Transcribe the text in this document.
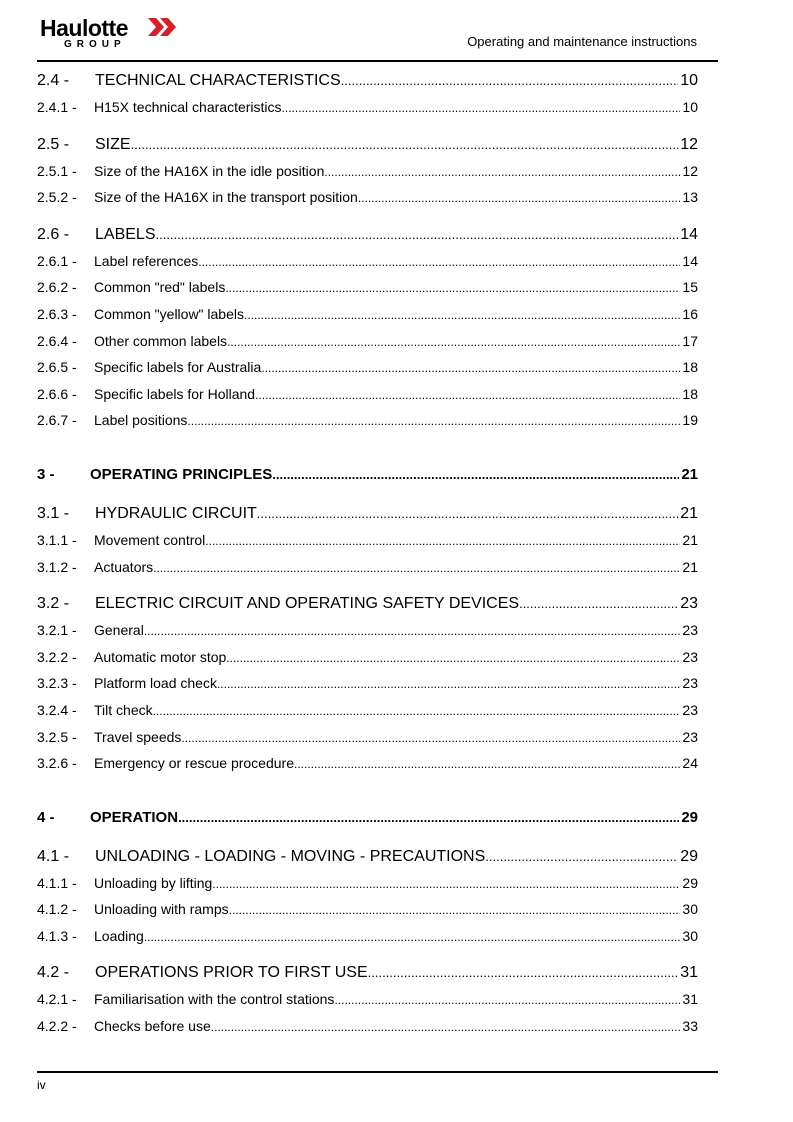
Haulotte
GROUP	Operating and maintenance instructions
2.4 -	TECHNICAL CHARACTERISTICS .....	10
2.4.1 -	H15X technical characteristics .....	10
2.5 -	SIZE .....	12
2.5.1 -	Size of the HA16X in the idle position .....	12
2.5.2 -	Size of the HA16X in the transport position .....	13
2.6 -	LABELS .....	14
2.6.1 -	Label references .....	14
2.6.2 -	Common "red" labels .....	15
2.6.3 -	Common "yellow" labels .....	16
2.6.4 -	Other common labels .....	17
2.6.5 -	Specific labels for Australia .....	18
2.6.6 -	Specific labels for Holland .....	18
2.6.7 -	Label positions .....	19
3 -	OPERATING PRINCIPLES .....	21
3.1 -	HYDRAULIC CIRCUIT .....	21
3.1.1 -	Movement control .....	21
3.1.2 -	Actuators .....	21
3.2 -	ELECTRIC CIRCUIT AND OPERATING SAFETY DEVICES .....	23
3.2.1 -	General .....	23
3.2.2 -	Automatic motor stop .....	23
3.2.3 -	Platform load check .....	23
3.2.4 -	Tilt check .....	23
3.2.5 -	Travel speeds .....	23
3.2.6 -	Emergency or rescue procedure .....	24
4 -	OPERATION .....	29
4.1 -	UNLOADING - LOADING - MOVING - PRECAUTIONS .....	29
4.1.1 -	Unloading by lifting .....	29
4.1.2 -	Unloading with ramps .....	30
4.1.3 -	Loading .....	30
4.2 -	OPERATIONS PRIOR TO FIRST USE .....	31
4.2.1 -	Familiarisation with the control stations .....	31
4.2.2 -	Checks before use .....	33
iv
